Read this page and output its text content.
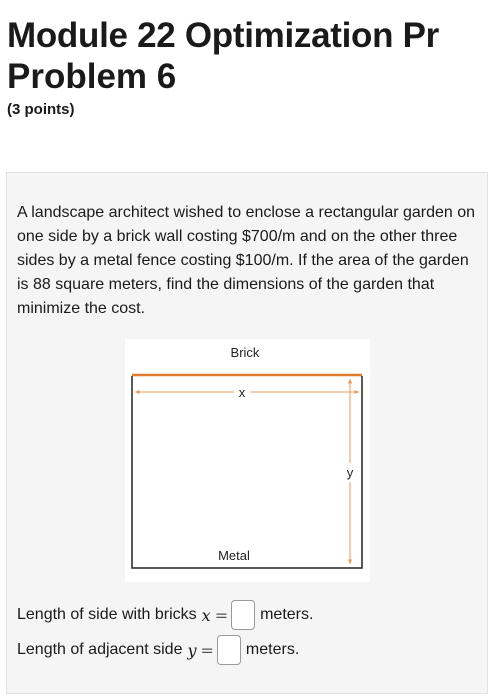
Module 22 Optimization Pr
Problem 6
(3 points)

A landscape architect wished to enclose a rectangular garden on one side by a brick wall costing $700/m and on the other three sides by a metal fence costing $100/m. If the area of the garden is 88 square meters, find the dimensions of the garden that minimize the cost.

Brick
x
y
Metal
Length of side with bricks x = meters.
Length of adjacent side y = meters.
